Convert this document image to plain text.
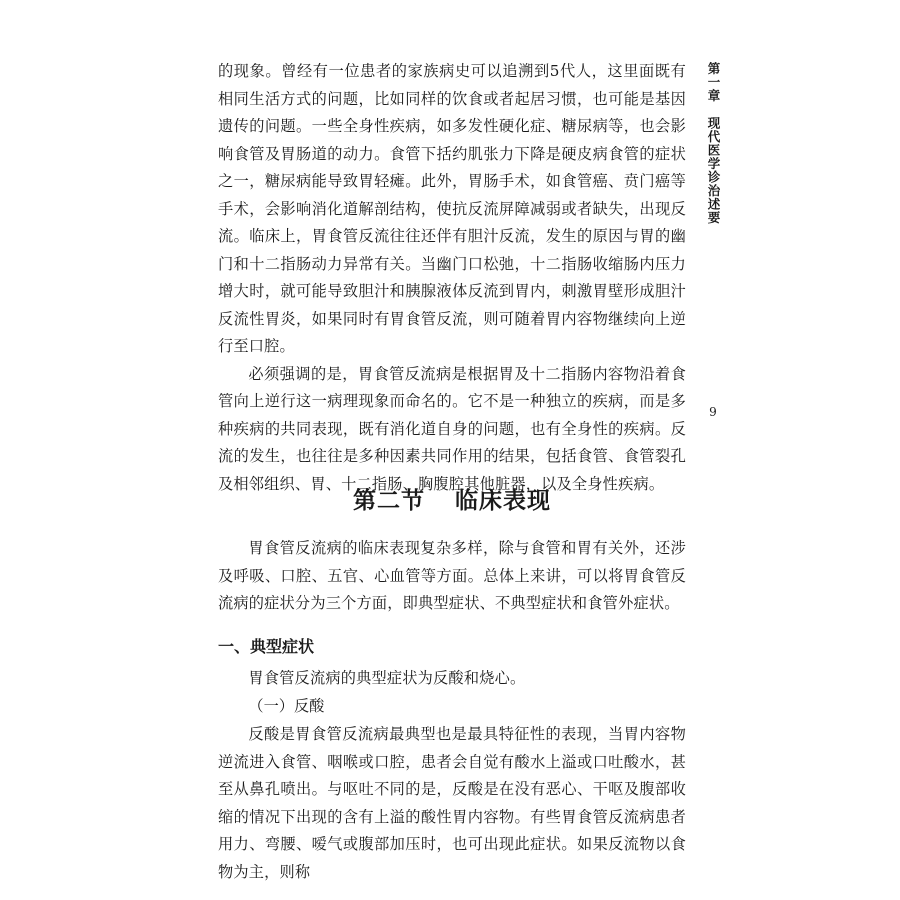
第一章现代医学诊治述要
9

的现象。曾经有一位患者的家族病史可以追溯到5代人，这里面既有相同生活方式的问题，比如同样的饮食或者起居习惯，也可能是基因遗传的问题。一些全身性疾病，如多发性硬化症、糖尿病等，也会影响食管及胃肠道的动力。食管下括约肌张力下降是硬皮病食管的症状之一，糖尿病能导致胃轻瘫。此外，胃肠手术，如食管癌、贲门癌等手术，会影响消化道解剖结构，使抗反流屏障减弱或者缺失，出现反流。临床上，胃食管反流往往还伴有胆汁反流，发生的原因与胃的幽门和十二指肠动力异常有关。当幽门口松弛，十二指肠收缩肠内压力增大时，就可能导致胆汁和胰腺液体反流到胃内，刺激胃壁形成胆汁反流性胃炎，如果同时有胃食管反流，则可随着胃内容物继续向上逆行至口腔。

必须强调的是，胃食管反流病是根据胃及十二指肠内容物沿着食管向上逆行这一病理现象而命名的。它不是一种独立的疾病，而是多种疾病的共同表现，既有消化道自身的问题，也有全身性的疾病。反流的发生，也往往是多种因素共同作用的结果，包括食管、食管裂孔及相邻组织、胃、十二指肠、胸腹腔其他脏器，以及全身性疾病。

第二节 临床表现

胃食管反流病的临床表现复杂多样，除与食管和胃有关外，还涉及呼吸、口腔、五官、心血管等方面。总体上来讲，可以将胃食管反流病的症状分为三个方面，即典型症状、不典型症状和食管外症状。

一、典型症状

胃食管反流病的典型症状为反酸和烧心。

（一）反酸

反酸是胃食管反流病最典型也是最具特征性的表现，当胃内容物逆流进入食管、咽喉或口腔，患者会自觉有酸水上溢或口吐酸水，甚至从鼻孔喷出。与呕吐不同的是，反酸是在没有恶心、干呕及腹部收缩的情况下出现的含有上溢的酸性胃内容物。有些胃食管反流病患者用力、弯腰、嗳气或腹部加压时，也可出现此症状。如果反流物以食物为主，则称
